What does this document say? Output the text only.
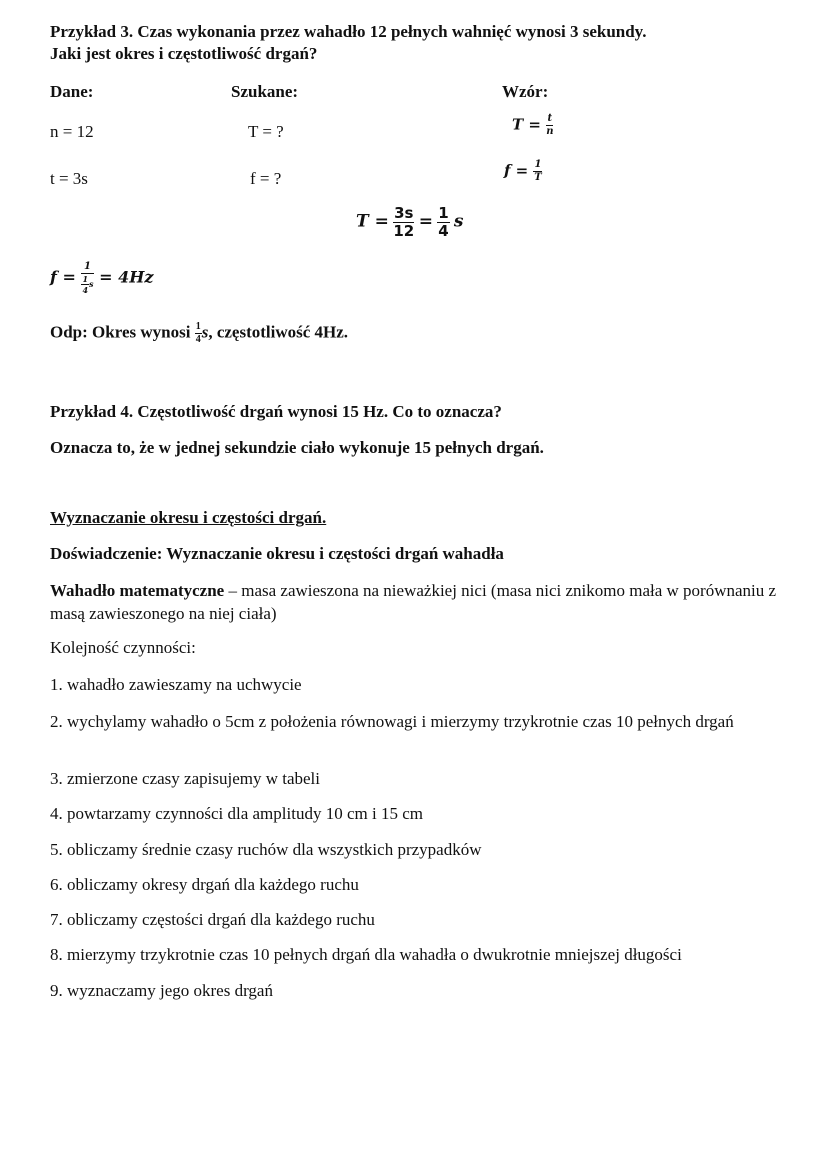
Przykład 3. Czas wykonania przez wahadło 12 pełnych wahnięć wynosi 3 sekundy.
Jaki jest okres i częstotliwość drgań?
Dane:	Szukane:	Wzór:
n = 12	T = ?	$T = \frac{t}{n}$
t = 3s	f = ?	$f = \frac{1}{T}$
$T = \frac{3s}{12} = \frac{1}{4}$ s
$f = \frac{1}{\frac{1}{4} s} = 4Hz$
Odp: Okres wynosi $\frac{1}{4} s$, częstotliwość 4Hz.
Przykład 4. Częstotliwość drgań wynosi 15 Hz. Co to oznacza?
Oznacza to, że w jednej sekundzie ciało wykonuje 15 pełnych drgań.
Wyznaczanie okresu i częstości drgań.
Doświadczenie: Wyznaczanie okresu i częstości drgań wahadła
Wahadło matematyczne – masa zawieszona na nieważkiej nici (masa nici znikomo mała w porównaniu z masą zawieszonego na niej ciała)
Kolejność czynności:
1. wahadło zawieszamy na uchwycie
2. wychylamy wahadło o 5cm z położenia równowagi i mierzymy trzykrotnie czas 10 pełnych drgań
3. zmierzone czasy zapisujemy w tabeli
4. powtarzamy czynności dla amplitudy 10 cm i 15 cm
5. obliczamy średnie czasy ruchów dla wszystkich przypadków
6. obliczamy okresy drgań dla każdego ruchu
7. obliczamy częstości drgań dla każdego ruchu
8. mierzymy trzykrotnie czas 10 pełnych drgań dla wahadła o dwukrotnie mniejszej długości
9. wyznaczamy jego okres drgań
